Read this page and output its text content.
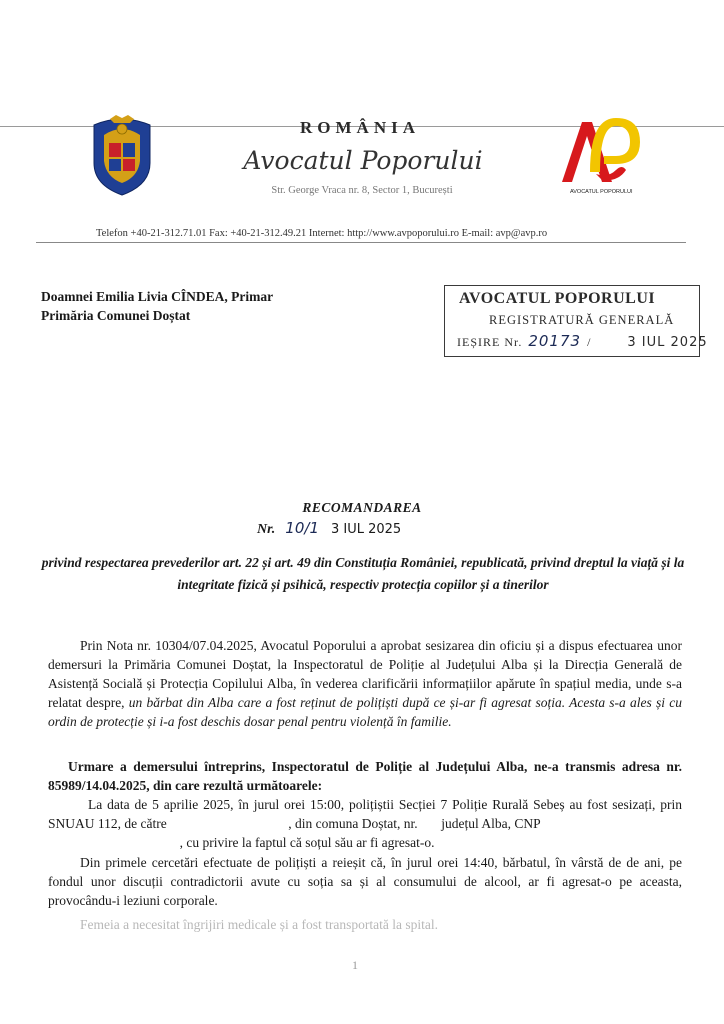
ROMÂNIA
Avocatul Poporului
Str. George Vraca nr. 8, Sector 1, București	AVOCATUL POPORULUI
Telefon +40-21-312.71.01 Fax: +40-21-312.49.21 Internet: http://www.avpoporului.ro E-mail: avp@avp.ro
Doamnei Emilia Livia CÎNDEA, Primar
Primăria Comunei Doștat
AVOCATUL POPORULUI
REGISTRATURĂ GENERALĂ
IEȘIRE Nr. 20173 /	3 IUL 2025
RECOMANDAREA
Nr. 10/1 3 IUL 2025
privind respectarea prevederilor art. 22 și art. 49 din Constituția României, republicată, privind dreptul la viață și la integritate fizică și psihică, respectiv protecția copiilor și a tinerilor
Prin Nota nr. 10304/07.04.2025, Avocatul Poporului a aprobat sesizarea din oficiu și a dispus efectuarea unor demersuri la Primăria Comunei Doștat, la Inspectoratul de Poliție al Județului Alba și la Direcția Generală de Asistență Socială și Protecția Copilului Alba, în vederea clarificării informațiilor apărute în spațiul media, unde s-a relatat despre, un bărbat din Alba care a fost reținut de polițiști după ce și-ar fi agresat soția. Acesta s-a ales și cu ordin de protecție și i-a fost deschis dosar penal pentru violență în familie.
Urmare a demersului întreprins, Inspectoratul de Poliție al Județului Alba, ne-a transmis adresa nr. 85989/14.04.2025, din care rezultă următoarele:
La data de 5 aprilie 2025, în jurul orei 15:00, polițiștii Secției 7 Poliție Rurală Sebeș au fost sesizați, prin SNUAU 112, de către	, din comuna Doștat, nr. județul Alba, CNP
, cu privire la faptul că soțul său ar fi agresat-o.
Din primele cercetări efectuate de polițiști a reieșit că, în jurul orei 14:40, bărbatul, în vârstă de de ani, pe fondul unor discuții contradictorii avute cu soția sa și al consumului de alcool, ar fi agresat-o pe aceasta, provocându-i leziuni corporale.
Femeia a necesitat îngrijiri medicale și a fost transportată la spital.
1
